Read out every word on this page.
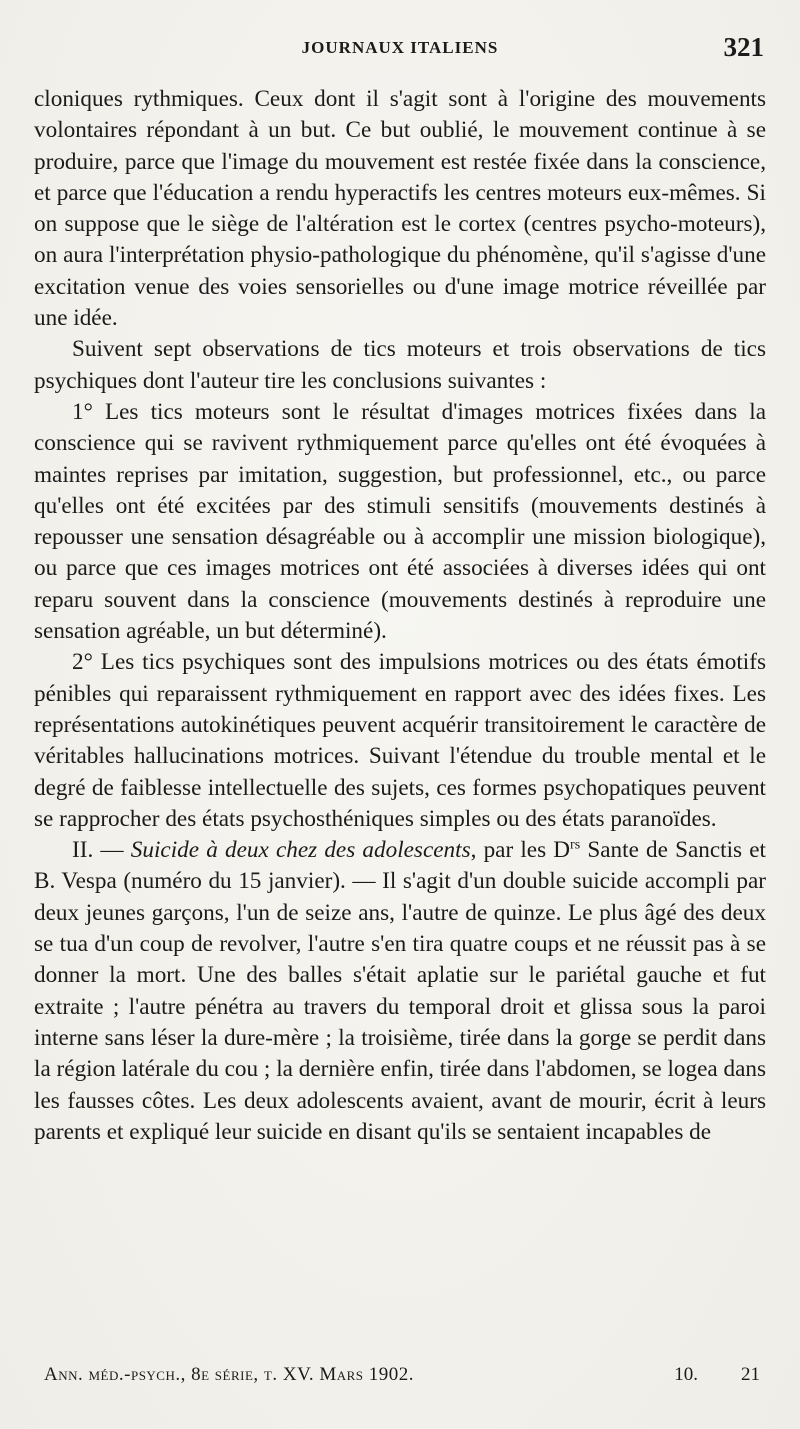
JOURNAUX ITALIENS	321

cloniques rythmiques. Ceux dont il s'agit sont à l'origine des mouvements volontaires répondant à un but. Ce but oublié, le mouvement continue à se produire, parce que l'image du mouvement est restée fixée dans la conscience, et parce que l'éducation a rendu hyperactifs les centres moteurs eux-mêmes. Si on suppose que le siège de l'altération est le cortex (centres psycho-moteurs), on aura l'interprétation physio-pathologique du phénomène, qu'il s'agisse d'une excitation venue des voies sensorielles ou d'une image motrice réveillée par une idée.

Suivent sept observations de tics moteurs et trois observations de tics psychiques dont l'auteur tire les conclusions suivantes :

1° Les tics moteurs sont le résultat d'images motrices fixées dans la conscience qui se ravivent rythmiquement parce qu'elles ont été évoquées à maintes reprises par imitation, suggestion, but professionnel, etc., ou parce qu'elles ont été excitées par des stimuli sensitifs (mouvements destinés à repousser une sensation désagréable ou à accomplir une mission biologique), ou parce que ces images motrices ont été associées à diverses idées qui ont reparu souvent dans la conscience (mouvements destinés à reproduire une sensation agréable, un but déterminé).

2° Les tics psychiques sont des impulsions motrices ou des états émotifs pénibles qui reparaissent rythmiquement en rapport avec des idées fixes. Les représentations autokinétiques peuvent acquérir transitoirement le caractère de véritables hallucinations motrices. Suivant l'étendue du trouble mental et le degré de faiblesse intellectuelle des sujets, ces formes psychopatiques peuvent se rapprocher des états psychosthéniques simples ou des états paranoïdes.

II. — Suicide à deux chez des adolescents, par les $D^{rs}$ Sante de Sanctis et B. Vespa (numéro du 15 janvier). — Il s'agit d'un double suicide accompli par deux jeunes garçons, l'un de seize ans, l'autre de quinze. Le plus âgé des deux se tua d'un coup de revolver, l'autre s'en tira quatre coups et ne réussit pas à se donner la mort. Une des balles s'était aplatie sur le pariétal gauche et fut extraite ; l'autre pénétra au travers du temporal droit et glissa sous la paroi interne sans léser la dure-mère ; la troisième, tirée dans la gorge se perdit dans la région latérale du cou ; la dernière enfin, tirée dans l'abdomen, se logea dans les fausses côtes. Les deux adolescents avaient, avant de mourir, écrit à leurs parents et expliqué leur suicide en disant qu'ils se sentaient incapables de

Ann. méd.-psych., 8e série, t. XV. Mars 1902.	10. 21
